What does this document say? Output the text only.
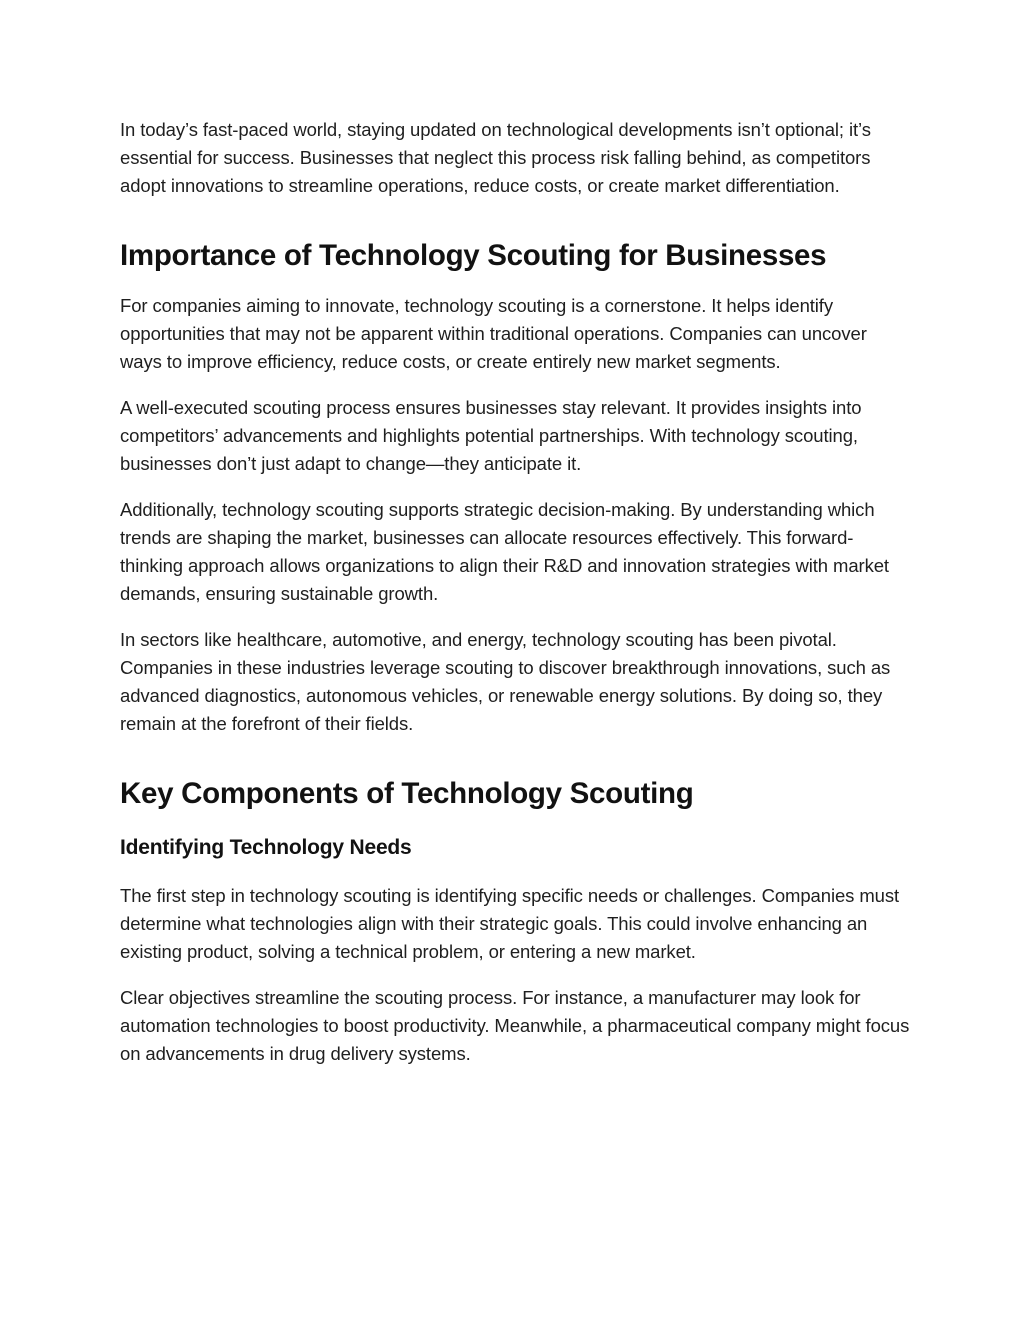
In today’s fast-paced world, staying updated on technological developments isn’t optional; it’s essential for success. Businesses that neglect this process risk falling behind, as competitors adopt innovations to streamline operations, reduce costs, or create market differentiation.

Importance of Technology Scouting for Businesses

For companies aiming to innovate, technology scouting is a cornerstone. It helps identify opportunities that may not be apparent within traditional operations. Companies can uncover ways to improve efficiency, reduce costs, or create entirely new market segments.

A well-executed scouting process ensures businesses stay relevant. It provides insights into competitors’ advancements and highlights potential partnerships. With technology scouting, businesses don’t just adapt to change—they anticipate it.

Additionally, technology scouting supports strategic decision-making. By understanding which trends are shaping the market, businesses can allocate resources effectively. This forward-thinking approach allows organizations to align their R&D and innovation strategies with market demands, ensuring sustainable growth.

In sectors like healthcare, automotive, and energy, technology scouting has been pivotal. Companies in these industries leverage scouting to discover breakthrough innovations, such as advanced diagnostics, autonomous vehicles, or renewable energy solutions. By doing so, they remain at the forefront of their fields.

Key Components of Technology Scouting
Identifying Technology Needs

The first step in technology scouting is identifying specific needs or challenges. Companies must determine what technologies align with their strategic goals. This could involve enhancing an existing product, solving a technical problem, or entering a new market.

Clear objectives streamline the scouting process. For instance, a manufacturer may look for automation technologies to boost productivity. Meanwhile, a pharmaceutical company might focus on advancements in drug delivery systems.
